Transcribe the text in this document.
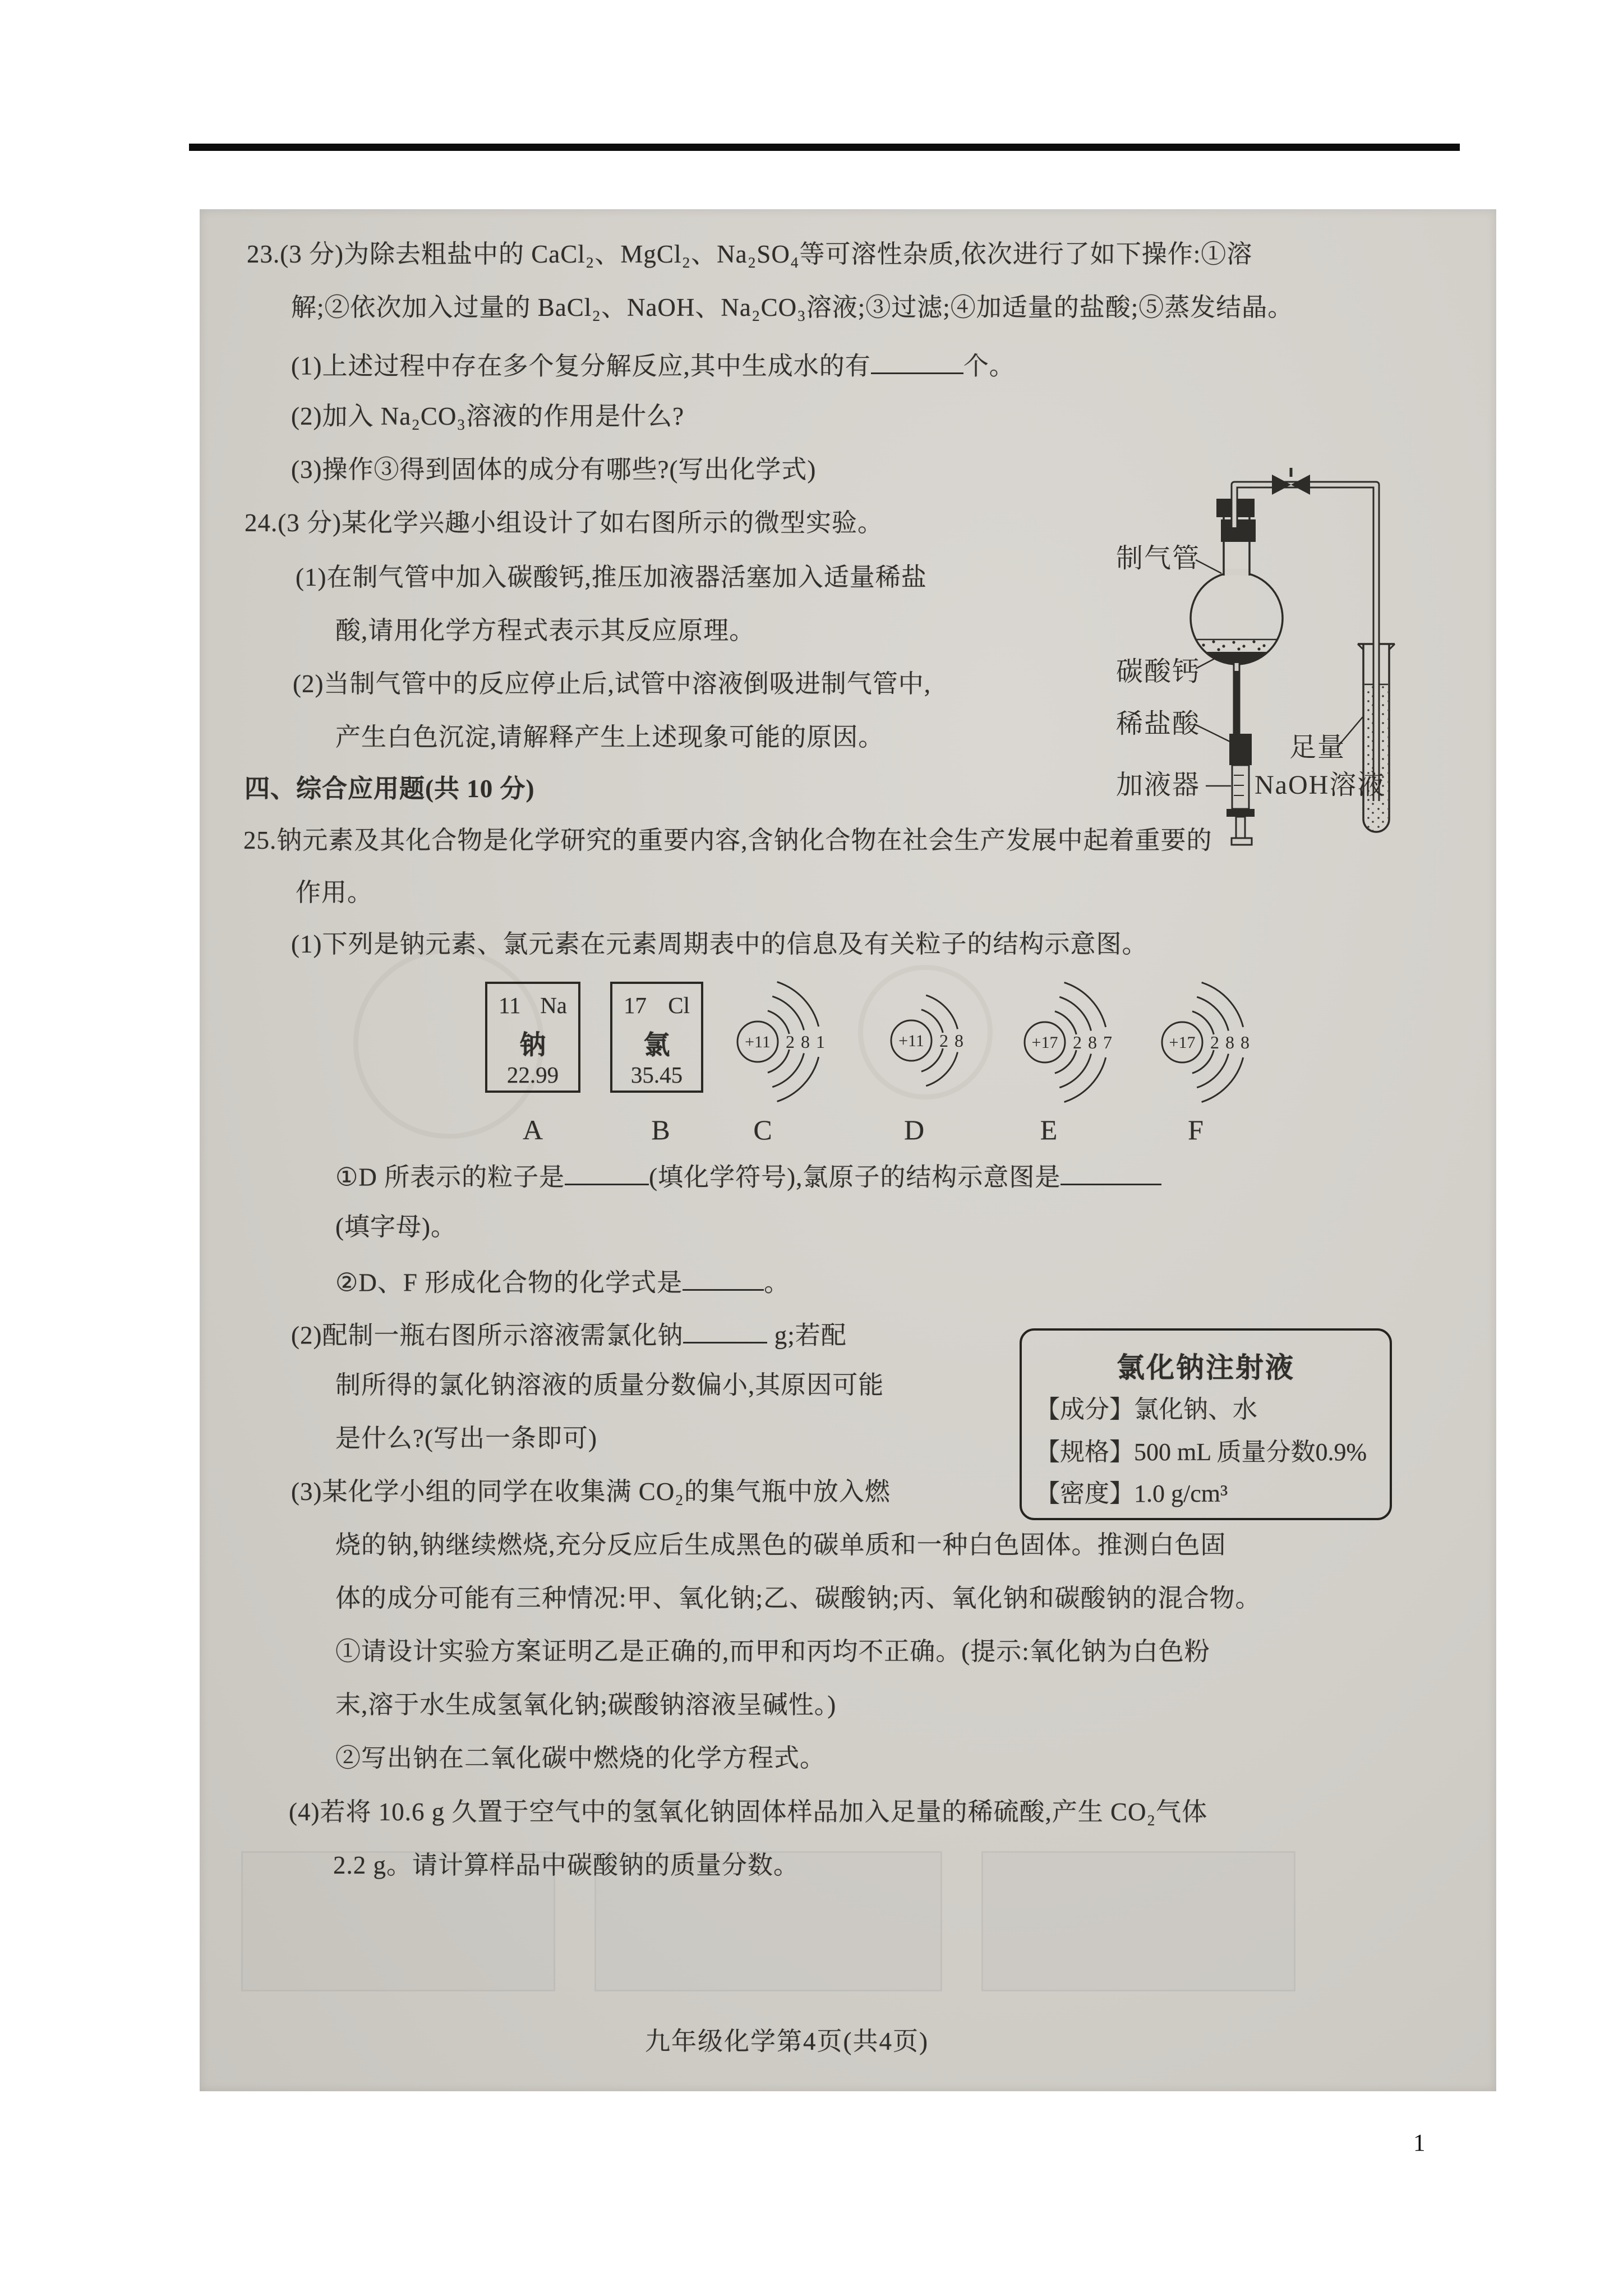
23.(3 分)为除去粗盐中的 CaCl₂、MgCl₂、Na₂SO₄等可溶性杂质,依次进行了如下操作:①溶
解;②依次加入过量的 BaCl₂、NaOH、Na₂CO₃溶液;③过滤;④加适量的盐酸;⑤蒸发结晶。
(1)上述过程中存在多个复分解反应,其中生成水的有	个。
(2)加入 Na₂CO₃溶液的作用是什么?
(3)操作③得到固体的成分有哪些?(写出化学式)
24.(3 分)某化学兴趣小组设计了如右图所示的微型实验。
(1)在制气管中加入碳酸钙,推压加液器活塞加入适量稀盐
酸,请用化学方程式表示其反应原理。
(2)当制气管中的反应停止后,试管中溶液倒吸进制气管中,
产生白色沉淀,请解释产生上述现象可能的原因。
制气管
碳酸钙
稀盐酸
加液器
足量
NaOH溶液
四、综合应用题(共 10 分)
25.钠元素及其化合物是化学研究的重要内容,含钠化合物在社会生产发展中起着重要的
作用。
(1)下列是钠元素、氯元素在元素周期表中的信息及有关粒子的结构示意图。
11 Na
钠
22.99
17 Cl
氯
35.45
+11 2 8 1	+11 2 8	+17 2 8 7	+17 2 8 8
A	B	C	D	E	F
①D 所表示的粒子是	(填化学符号),氯原子的结构示意图是
(填字母)。
②D、F 形成化合物的化学式是	。
(2)配制一瓶右图所示溶液需氯化钠	g;若配
制所得的氯化钠溶液的质量分数偏小,其原因可能
是什么?(写出一条即可)
氯化钠注射液
【成分】氯化钠、水
【规格】500 mL 质量分数0.9%
【密度】1.0 g/cm³
(3)某化学小组的同学在收集满 CO₂的集气瓶中放入燃
烧的钠,钠继续燃烧,充分反应后生成黑色的碳单质和一种白色固体。推测白色固
体的成分可能有三种情况:甲、氧化钠;乙、碳酸钠;丙、氧化钠和碳酸钠的混合物。
①请设计实验方案证明乙是正确的,而甲和丙均不正确。(提示:氧化钠为白色粉
末,溶于水生成氢氧化钠;碳酸钠溶液呈碱性。)
②写出钠在二氧化碳中燃烧的化学方程式。
(4)若将 10.6 g 久置于空气中的氢氧化钠固体样品加入足量的稀硫酸,产生 CO₂气体
2.2 g。请计算样品中碳酸钠的质量分数。
九年级化学第4页(共4页)
1
